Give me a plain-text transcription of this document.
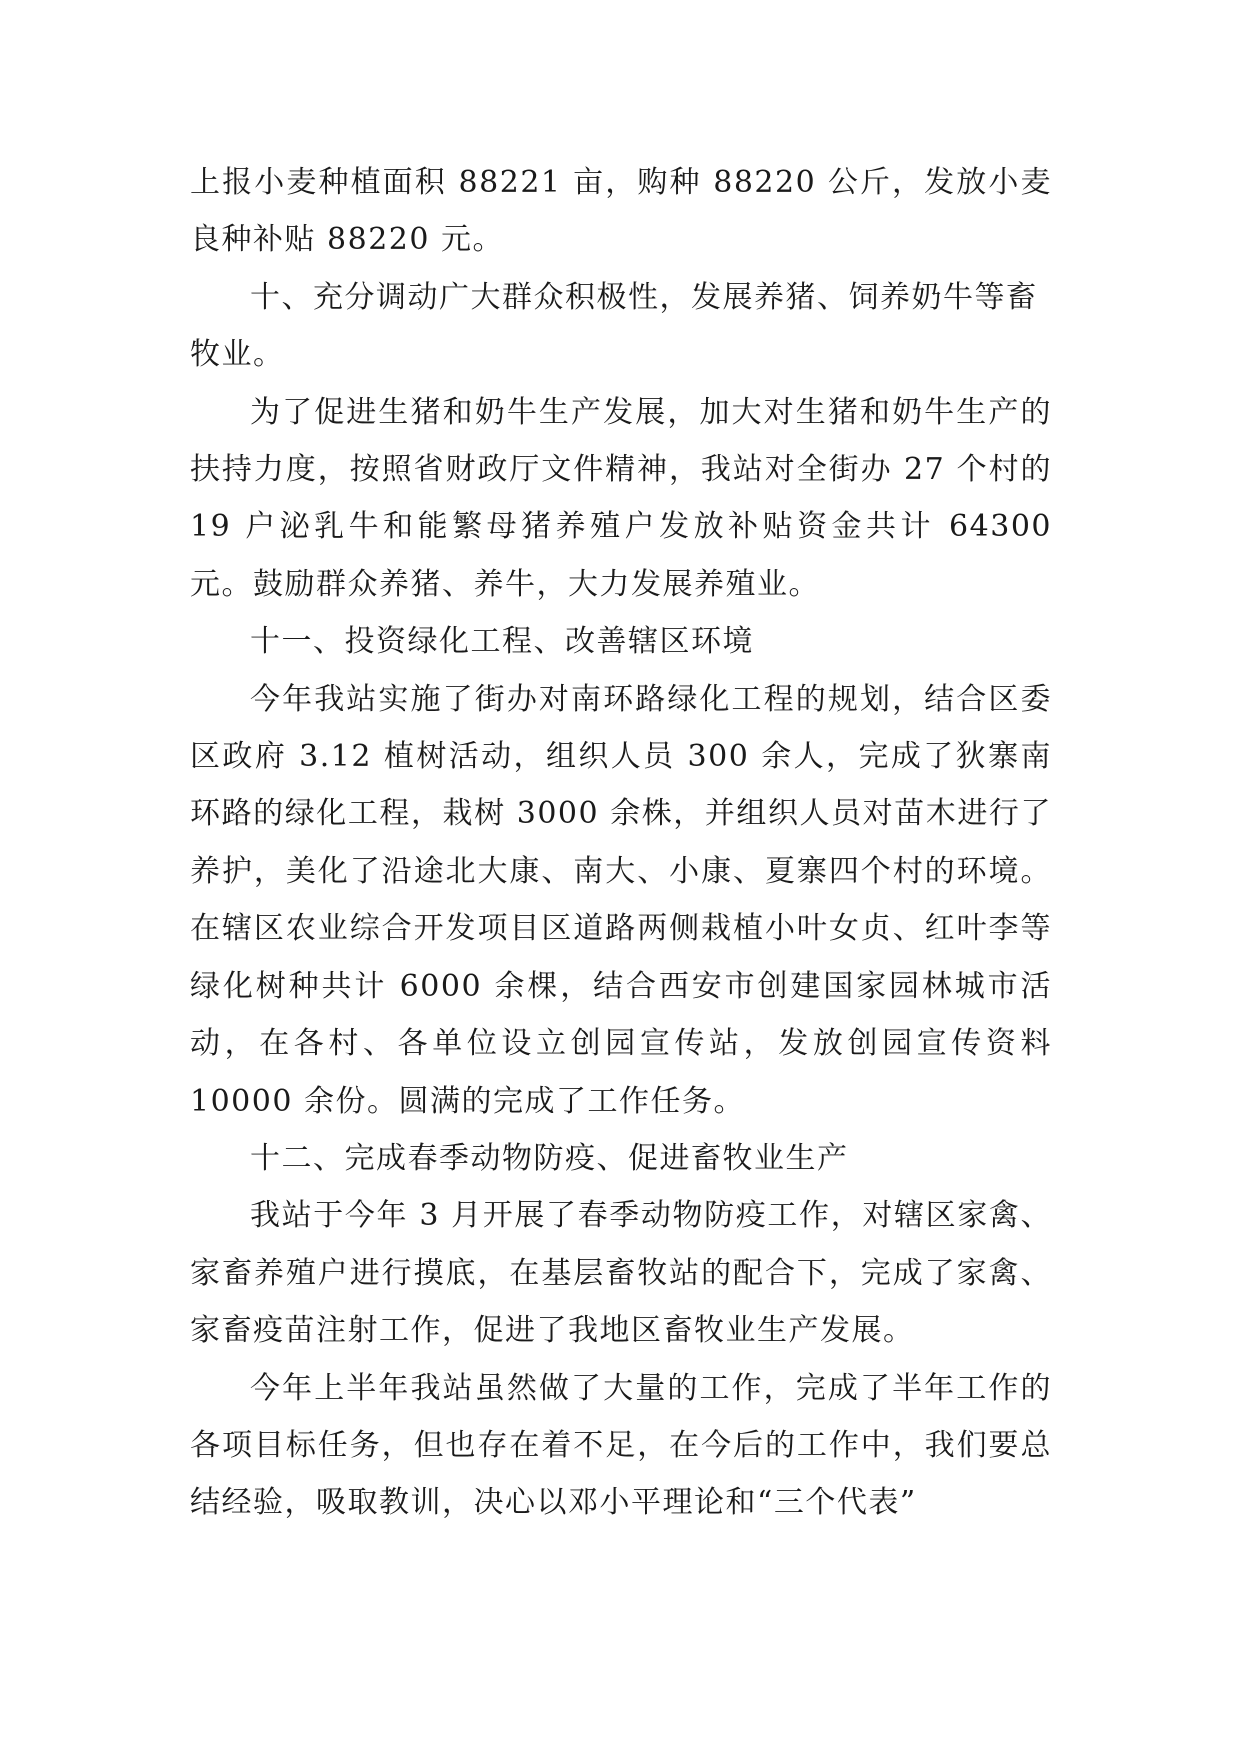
上报小麦种植面积 88221 亩，购种 88220 公斤，发放小麦良种补贴 88220 元。

十、充分调动广大群众积极性，发展养猪、饲养奶牛等畜牧业。

为了促进生猪和奶牛生产发展，加大对生猪和奶牛生产的扶持力度，按照省财政厅文件精神，我站对全街办 27 个村的 19 户泌乳牛和能繁母猪养殖户发放补贴资金共计 64300 元。鼓励群众养猪、养牛，大力发展养殖业。

十一、投资绿化工程、改善辖区环境

今年我站实施了街办对南环路绿化工程的规划，结合区委区政府 3.12 植树活动，组织人员 300 余人，完成了狄寨南环路的绿化工程，栽树 3000 余株，并组织人员对苗木进行了养护，美化了沿途北大康、南大、小康、夏寨四个村的环境。在辖区农业综合开发项目区道路两侧栽植小叶女贞、红叶李等绿化树种共计 6000 余棵，结合西安市创建国家园林城市活动，在各村、各单位设立创园宣传站，发放创园宣传资料 10000 余份。圆满的完成了工作任务。

十二、完成春季动物防疫、促进畜牧业生产

我站于今年 3 月开展了春季动物防疫工作，对辖区家禽、家畜养殖户进行摸底，在基层畜牧站的配合下，完成了家禽、家畜疫苗注射工作，促进了我地区畜牧业生产发展。

今年上半年我站虽然做了大量的工作，完成了半年工作的各项目标任务，但也存在着不足，在今后的工作中，我们要总结经验，吸取教训，决心以邓小平理论和“三个代表”
